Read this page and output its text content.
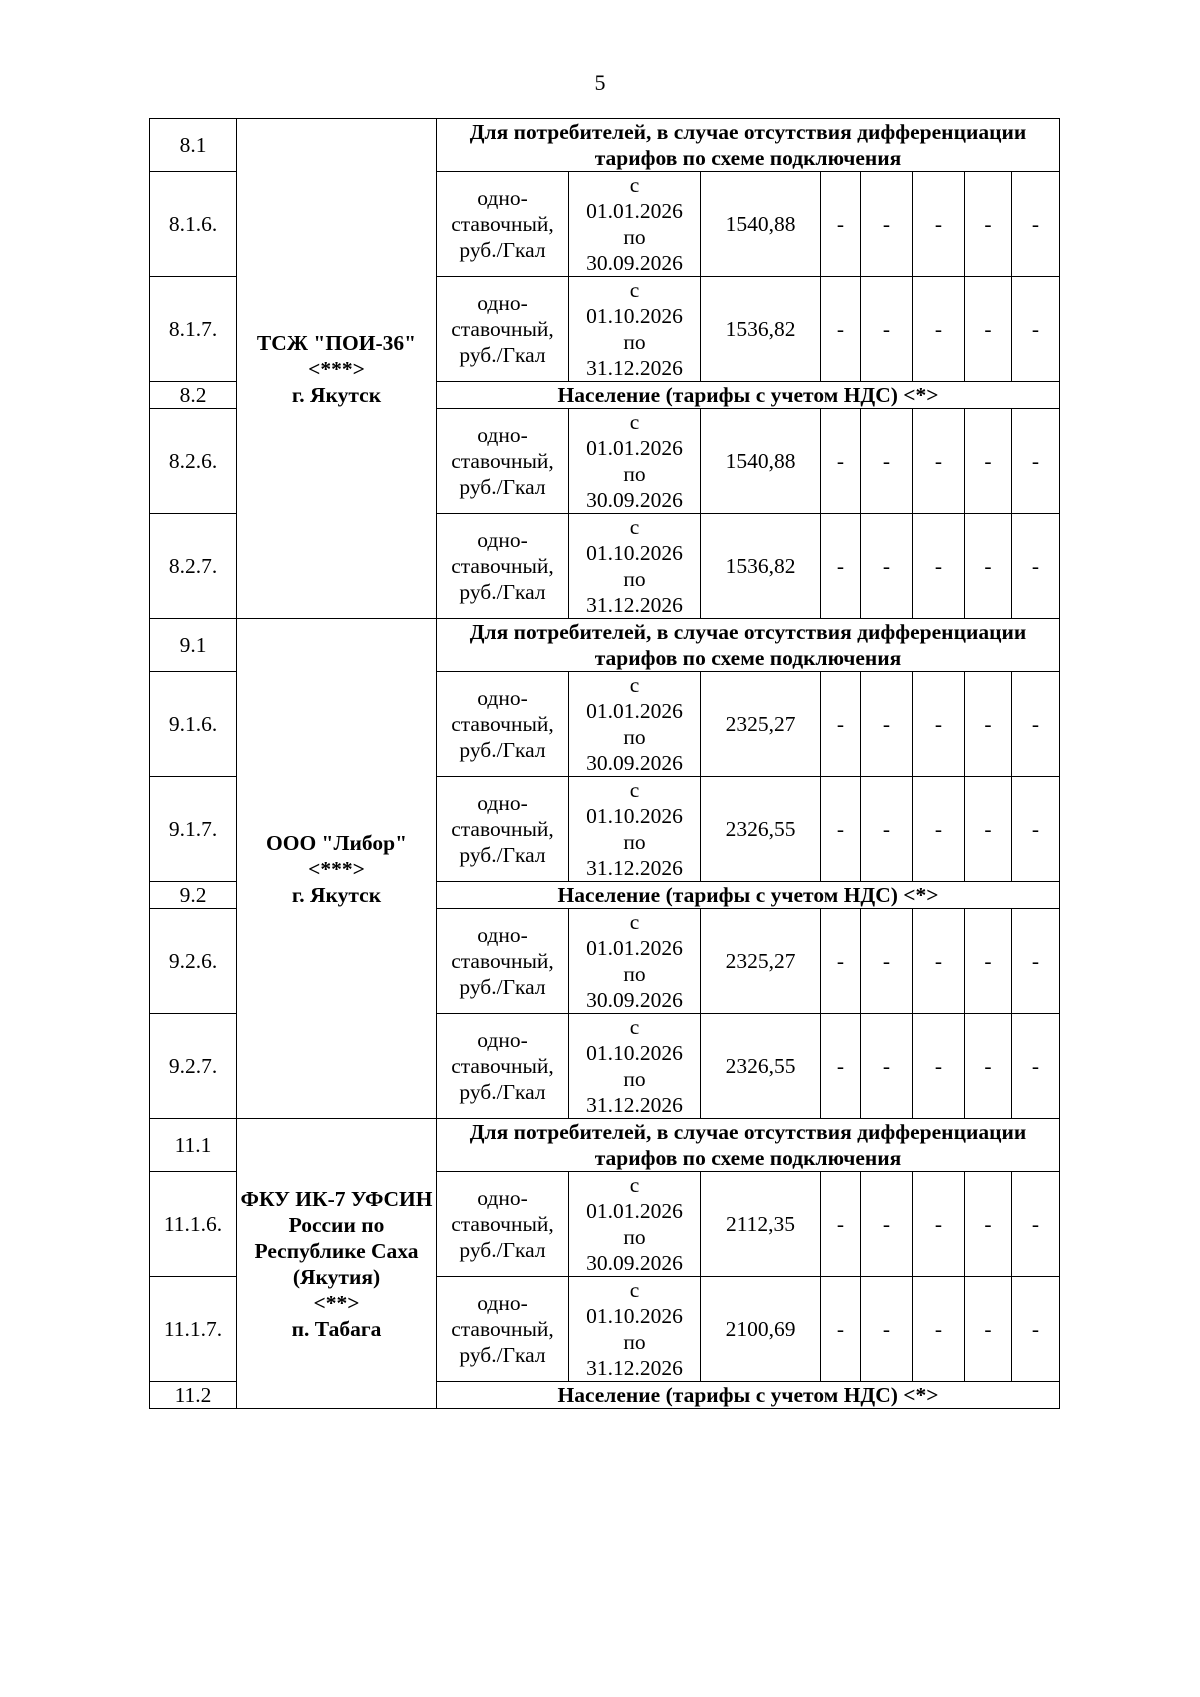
5
8.1	ТСЖ "ПОИ-36"
<***>
г. Якутск	Для потребителей, в случае отсутствия дифференциации тарифов по схеме подключения							
8.1.6.		одно-ставочный, руб./Гкал	с
01.01.2026
по
30.09.2026	1540,88	-	-	-	-	-
8.1.7.		одно-ставочный, руб./Гкал	с
01.10.2026
по
31.12.2026	1536,82	-	-	-	-	-
8.2		Население (тарифы с учетом НДС) <*>							
8.2.6.		одно-ставочный, руб./Гкал	с
01.01.2026
по
30.09.2026	1540,88	-	-	-	-	-
8.2.7.		одно-ставочный, руб./Гкал	с
01.10.2026
по
31.12.2026	1536,82	-	-	-	-	-
9.1	ООО "Либор"
<***>
г. Якутск	Для потребителей, в случае отсутствия дифференциации тарифов по схеме подключения							
9.1.6.		одно-ставочный, руб./Гкал	с
01.01.2026
по
30.09.2026	2325,27	-	-	-	-	-
9.1.7.		одно-ставочный, руб./Гкал	с
01.10.2026
по
31.12.2026	2326,55	-	-	-	-	-
9.2		Население (тарифы с учетом НДС) <*>							
9.2.6.		одно-ставочный, руб./Гкал	с
01.01.2026
по
30.09.2026	2325,27	-	-	-	-	-
9.2.7.		одно-ставочный, руб./Гкал	с
01.10.2026
по
31.12.2026	2326,55	-	-	-	-	-
11.1	ФКУ ИК-7 УФСИН России по Республике Саха (Якутия)
<**>
п. Табага	Для потребителей, в случае отсутствия дифференциации тарифов по схеме подключения							
11.1.6.		одно-ставочный, руб./Гкал	с
01.01.2026
по
30.09.2026	2112,35	-	-	-	-	-
11.1.7.		одно-ставочный, руб./Гкал	с
01.10.2026
по
31.12.2026	2100,69	-	-	-	-	-
11.2		Население (тарифы с учетом НДС) <*>							
